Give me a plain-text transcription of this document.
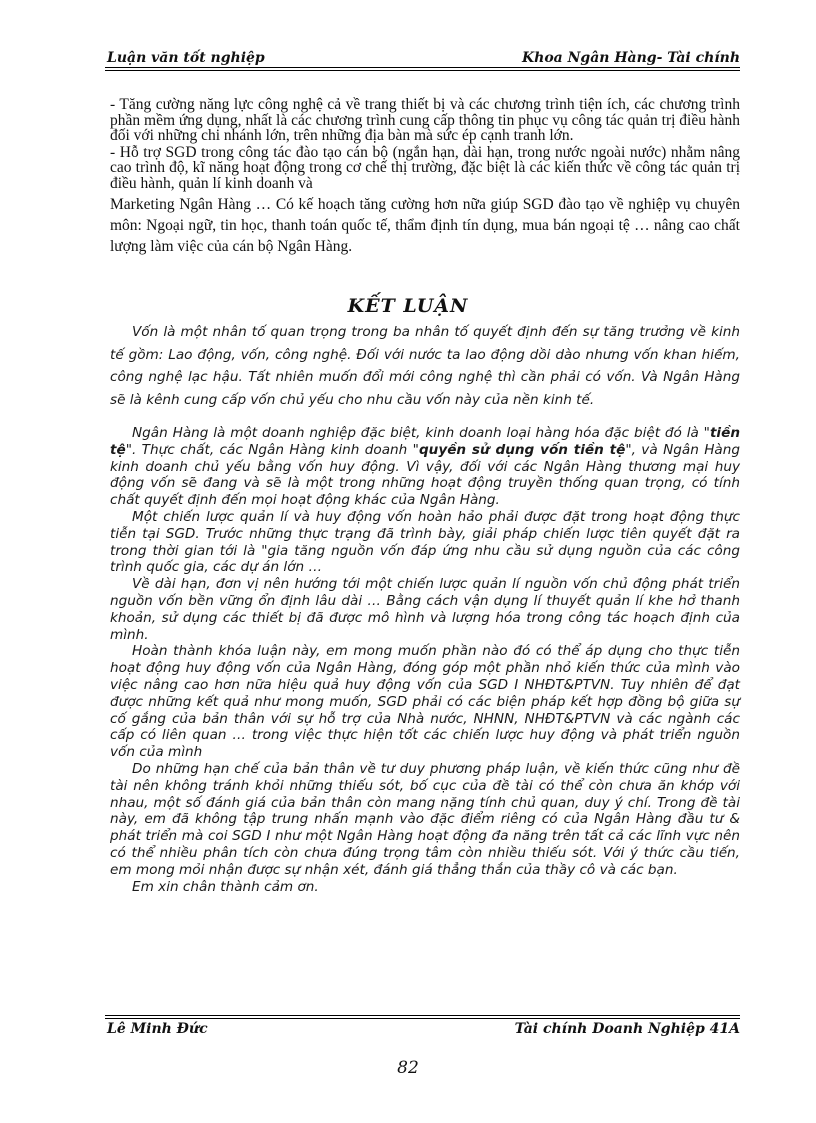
Luận văn tốt nghiệp	Khoa Ngân Hàng- Tài chính

- Tăng cường năng lực công nghệ cả về trang thiết bị và các chương trình tiện ích, các chương trình phần mềm ứng dụng, nhất là các chương trình cung cấp thông tin phục vụ công tác quản trị điều hành đối với những chi nhánh lớn, trên những địa bàn mà sức ép cạnh tranh lớn.

- Hỗ trợ SGD trong công tác đào tạo cán bộ (ngắn hạn, dài hạn, trong nước ngoài nước) nhằm nâng cao trình độ, kĩ năng hoạt động trong cơ chế thị trường, đặc biệt là các kiến thức về công tác quản trị điều hành, quản lí kinh doanh và

Marketing Ngân Hàng … Có kế hoạch tăng cường hơn nữa giúp SGD đào tạo về nghiệp vụ chuyên môn: Ngoại ngữ, tin học, thanh toán quốc tế, thẩm định tín dụng, mua bán ngoại tệ … nâng cao chất lượng làm việc của cán bộ Ngân Hàng.

KẾT LUẬN

Vốn là một nhân tố quan trọng trong ba nhân tố quyết định đến sự tăng trưởng về kinh tế gồm: Lao động, vốn, công nghệ. Đối với nước ta lao động dồi dào nhưng vốn khan hiếm, công nghệ lạc hậu. Tất nhiên muốn đổi mới công nghệ thì cần phải có vốn. Và Ngân Hàng sẽ là kênh cung cấp vốn chủ yếu cho nhu cầu vốn này của nền kinh tế.

Ngân Hàng là một doanh nghiệp đặc biệt, kinh doanh loại hàng hóa đặc biệt đó là "tiền tệ". Thực chất, các Ngân Hàng kinh doanh "quyền sử dụng vốn tiền tệ", và Ngân Hàng kinh doanh chủ yếu bằng vốn huy động. Vì vậy, đối với các Ngân Hàng thương mại huy động vốn sẽ đang và sẽ là một trong những hoạt động truyền thống quan trọng, có tính chất quyết định đến mọi hoạt động khác của Ngân Hàng.

Một chiến lược quản lí và huy động vốn hoàn hảo phải được đặt trong hoạt động thực tiễn tại SGD. Trước những thực trạng đã trình bày, giải pháp chiến lược tiên quyết đặt ra trong thời gian tới là "gia tăng nguồn vốn đáp ứng nhu cầu sử dụng nguồn của các công trình quốc gia, các dự án lớn …

Về dài hạn, đơn vị nên hướng tới một chiến lược quản lí nguồn vốn chủ động phát triển nguồn vốn bền vững ổn định lâu dài … Bằng cách vận dụng lí thuyết quản lí khe hở thanh khoản, sử dụng các thiết bị đã được mô hình và lượng hóa trong công tác hoạch định của mình.

Hoàn thành khóa luận này, em mong muốn phần nào đó có thể áp dụng cho thực tiễn hoạt động huy động vốn của Ngân Hàng, đóng góp một phần nhỏ kiến thức của mình vào việc nâng cao hơn nữa hiệu quả huy động vốn của SGD I NHĐT&PTVN. Tuy nhiên để đạt được những kết quả như mong muốn, SGD phải có các biện pháp kết hợp đồng bộ giữa sự cố gắng của bản thân với sự hỗ trợ của Nhà nước, NHNN, NHĐT&PTVN và các ngành các cấp có liên quan … trong việc thực hiện tốt các chiến lược huy động và phát triển nguồn vốn của mình

Do những hạn chế của bản thân về tư duy phương pháp luận, về kiến thức cũng như đề tài nên không tránh khỏi những thiếu sót, bố cục của đề tài có thể còn chưa ăn khớp với nhau, một số đánh giá của bản thân còn mang nặng tính chủ quan, duy ý chí. Trong đề tài này, em đã không tập trung nhấn mạnh vào đặc điểm riêng có của Ngân Hàng đầu tư & phát triển mà coi SGD I như một Ngân Hàng hoạt động đa năng trên tất cả các lĩnh vực nên có thể nhiều phân tích còn chưa đúng trọng tâm còn nhiều thiếu sót. Với ý thức cầu tiến, em mong mỏi nhận được sự nhận xét, đánh giá thẳng thắn của thầy cô và các bạn.

Em xin chân thành cảm ơn.

Lê Minh Đức	Tài chính Doanh Nghiệp 41A
82
